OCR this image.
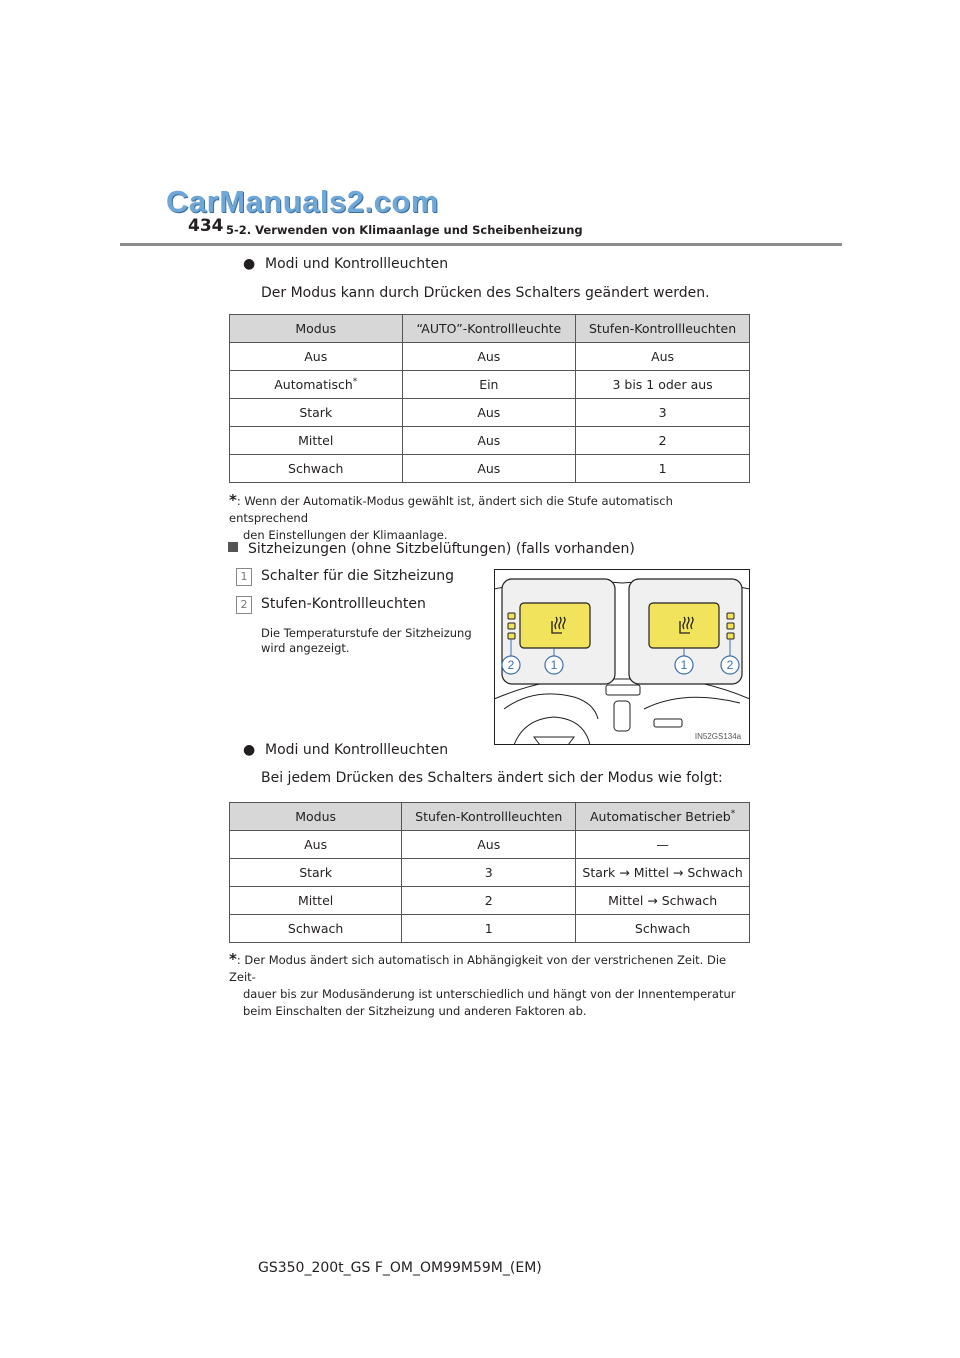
CarManuals2.com
434 5-2. Verwenden von Klimaanlage und Scheibenheizung
● Modi und Kontrollleuchten
Der Modus kann durch Drücken des Schalters geändert werden.
Modus	“AUTO”-Kontrollleuchte	Stufen-Kontrollleuchten
Aus	Aus	Aus
Automatisch*	Ein	3 bis 1 oder aus
Stark	Aus	3
Mittel	Aus	2
Schwach	Aus	1
*: Wenn der Automatik-Modus gewählt ist, ändert sich die Stufe automatisch entsprechend
den Einstellungen der Klimaanlage.
Sitzheizungen (ohne Sitzbelüftungen) (falls vorhanden)
1 Schalter für die Sitzheizung
2 Stufen-Kontrollleuchten
Die Temperaturstufe der Sitzheizung
wird angezeigt.
2	1	1	2
IN52GS134a
● Modi und Kontrollleuchten
Bei jedem Drücken des Schalters ändert sich der Modus wie folgt:
Modus	Stufen-Kontrollleuchten	Automatischer Betrieb*
Aus	Aus	—
Stark	3	Stark → Mittel → Schwach
Mittel	2	Mittel → Schwach
Schwach	1	Schwach
*: Der Modus ändert sich automatisch in Abhängigkeit von der verstrichenen Zeit. Die Zeit-
dauer bis zur Modusänderung ist unterschiedlich und hängt von der Innentemperatur
beim Einschalten der Sitzheizung und anderen Faktoren ab.
GS350_200t_GS F_OM_OM99M59M_(EM)
